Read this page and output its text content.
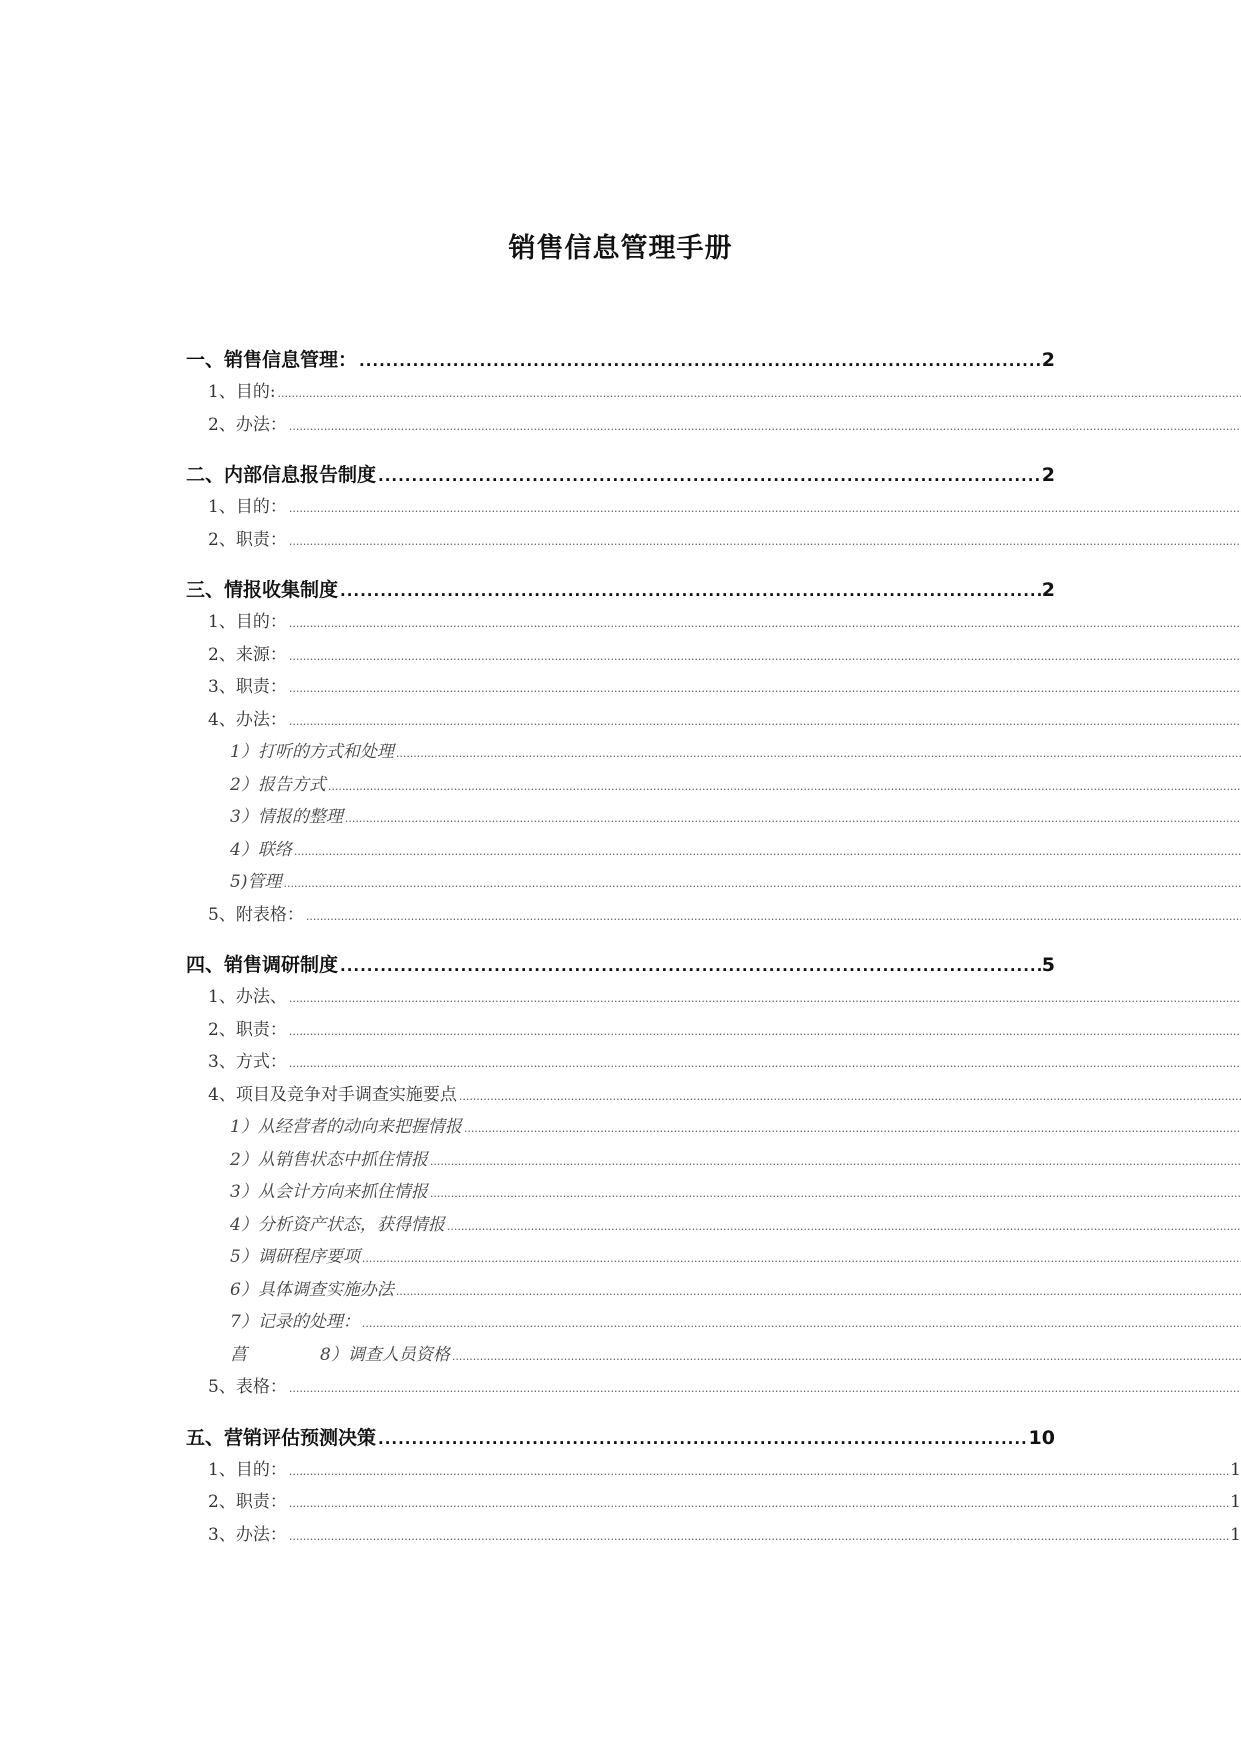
销售信息管理手册
一、销售信息管理： .....	2
1、目的:
.....
2、办法：
.....
二、内部信息报告制度 .....	2
1、目的：
.....
2、职责：
.....
三、情报收集制度 .....	2
1、目的：
.....
2、来源：
.....
3、职责：
.....
4、办法：
.....
1）打听的方式和处理
.....
2）报告方式
.....
3）情报的整理
.....
4）联络
.....
5)管理
.....
5、附表格：
.....
四、销售调研制度 .....	5
1、办法、
.....
2、职责：
.....
3、方式：
.....
4、项目及竞争对手调查实施要点
.....
1）从经营者的动向来把握情报
.....
2）从销售状态中抓住情报
.....
3）从会计方向来抓住情报
.....
4）分析资产状态，获得情报
.....
5）调研程序要项
.....
6）具体调查实施办法
.....
7）记录的处理：
.....
菖	8）调查人员资格
.....
5、表格：
.....
五、营销评估预测决策 .....	10
1、目的： .....	1
2、职责： .....	1
3、办法： .....	1
